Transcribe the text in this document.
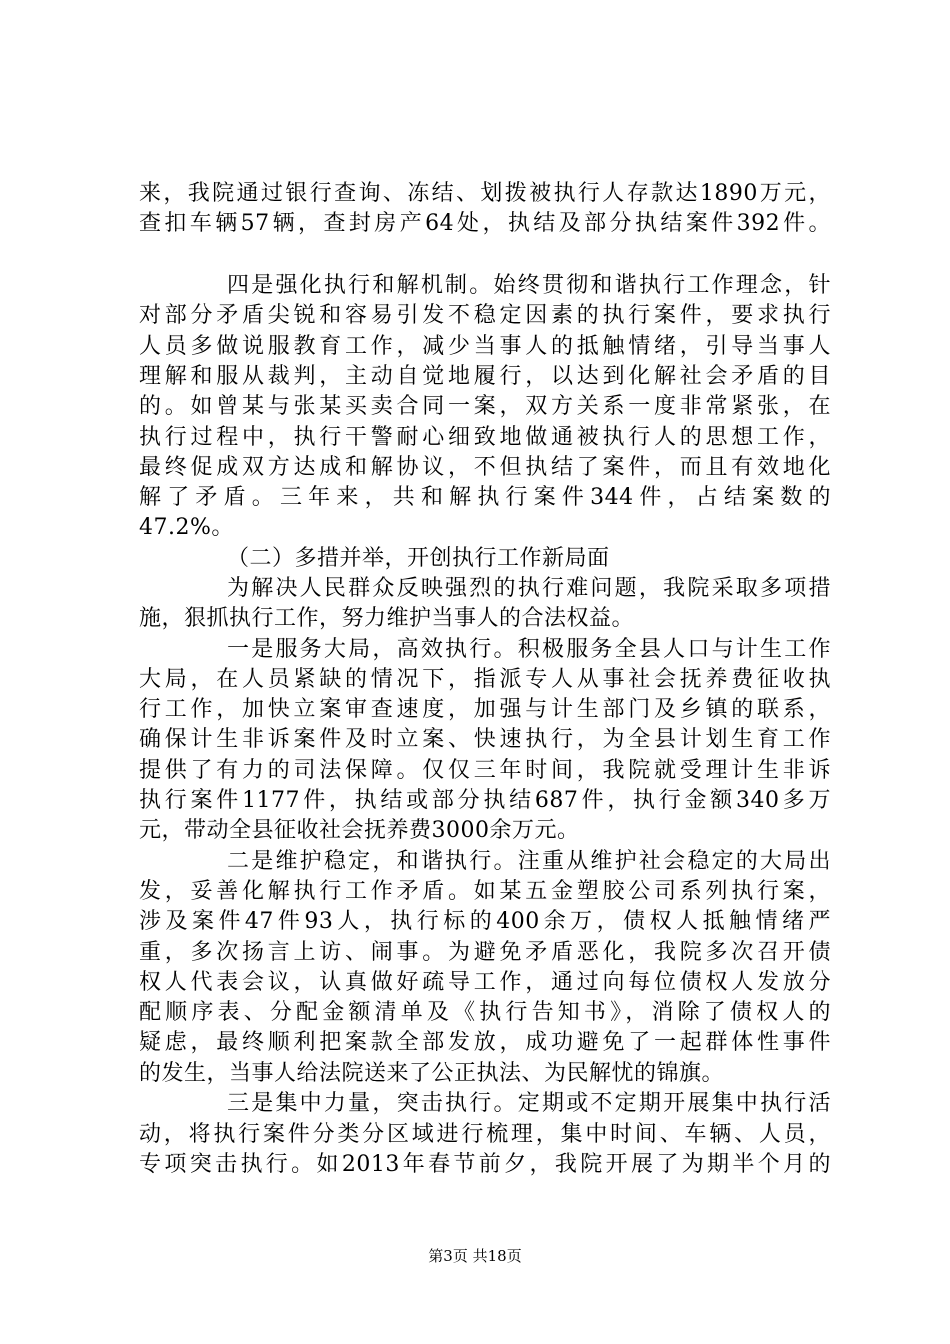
来，我院通过银行查询、冻结、划拨被执行人存款达1890万元，
查扣车辆57辆，查封房产64处，执结及部分执结案件392件。
四是强化执行和解机制。始终贯彻和谐执行工作理念，针
对部分矛盾尖锐和容易引发不稳定因素的执行案件，要求执行
人员多做说服教育工作，减少当事人的抵触情绪，引导当事人
理解和服从裁判，主动自觉地履行，以达到化解社会矛盾的目
的。如曾某与张某买卖合同一案，双方关系一度非常紧张，在
执行过程中，执行干警耐心细致地做通被执行人的思想工作，
最终促成双方达成和解协议，不但执结了案件，而且有效地化
解了矛盾。三年来，共和解执行案件344件，占结案数的
47.2%。
（二）多措并举，开创执行工作新局面
为解决人民群众反映强烈的执行难问题，我院采取多项措
施，狠抓执行工作，努力维护当事人的合法权益。
一是服务大局，高效执行。积极服务全县人口与计生工作
大局，在人员紧缺的情况下，指派专人从事社会抚养费征收执
行工作，加快立案审查速度，加强与计生部门及乡镇的联系，
确保计生非诉案件及时立案、快速执行，为全县计划生育工作
提供了有力的司法保障。仅仅三年时间，我院就受理计生非诉
执行案件1177件，执结或部分执结687件，执行金额340多万
元，带动全县征收社会抚养费3000余万元。
二是维护稳定，和谐执行。注重从维护社会稳定的大局出
发，妥善化解执行工作矛盾。如某五金塑胶公司系列执行案，
涉及案件47件93人，执行标的400余万，债权人抵触情绪严
重，多次扬言上访、闹事。为避免矛盾恶化，我院多次召开债
权人代表会议，认真做好疏导工作，通过向每位债权人发放分
配顺序表、分配金额清单及《执行告知书》，消除了债权人的
疑虑，最终顺利把案款全部发放，成功避免了一起群体性事件
的发生，当事人给法院送来了公正执法、为民解忧的锦旗。
三是集中力量，突击执行。定期或不定期开展集中执行活
动，将执行案件分类分区域进行梳理，集中时间、车辆、人员，
专项突击执行。如2013年春节前夕，我院开展了为期半个月的
第3页 共18页
